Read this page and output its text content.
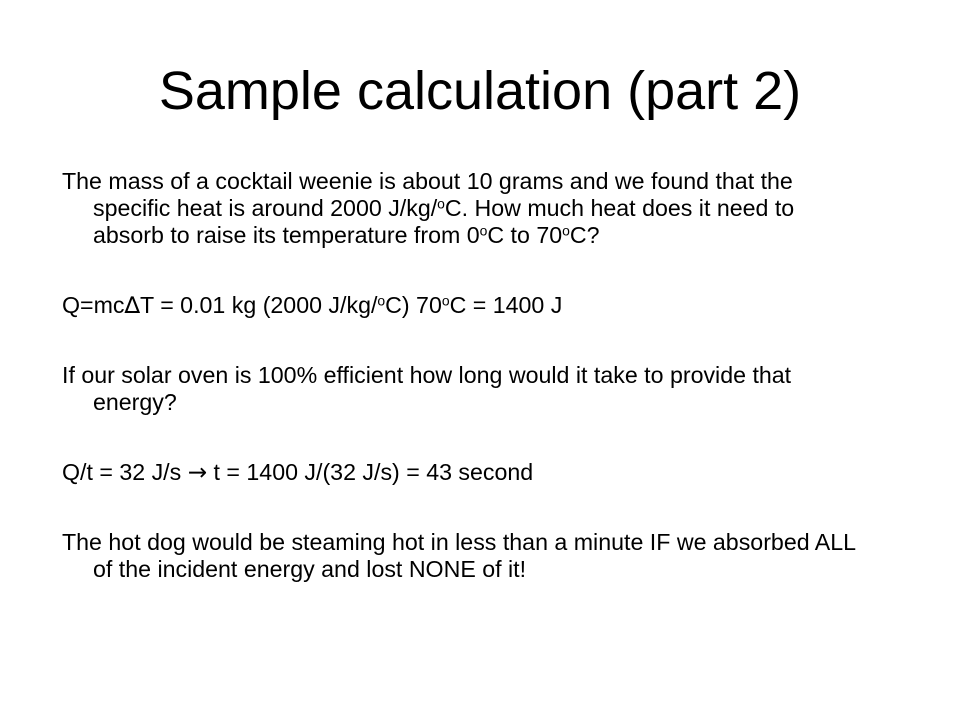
Sample calculation (part 2)

The mass of a cocktail weenie is about 10 grams and we found that the specific heat is around 2000 J/kg/$^o$C. How much heat does it need to absorb to raise its temperature from 0$^o$C to 70$^o$C?

Q=mc∆T = 0.01 kg (2000 J/kg/$^o$C) $70^oC = 1400$ J

If our solar oven is 100% efficient how long would it take to provide that energy?

Q/t = 32 J/s → t = 1400 J/(32 J/s) = 43 second

The hot dog would be steaming hot in less than a minute IF we absorbed ALL of the incident energy and lost NONE of it!
